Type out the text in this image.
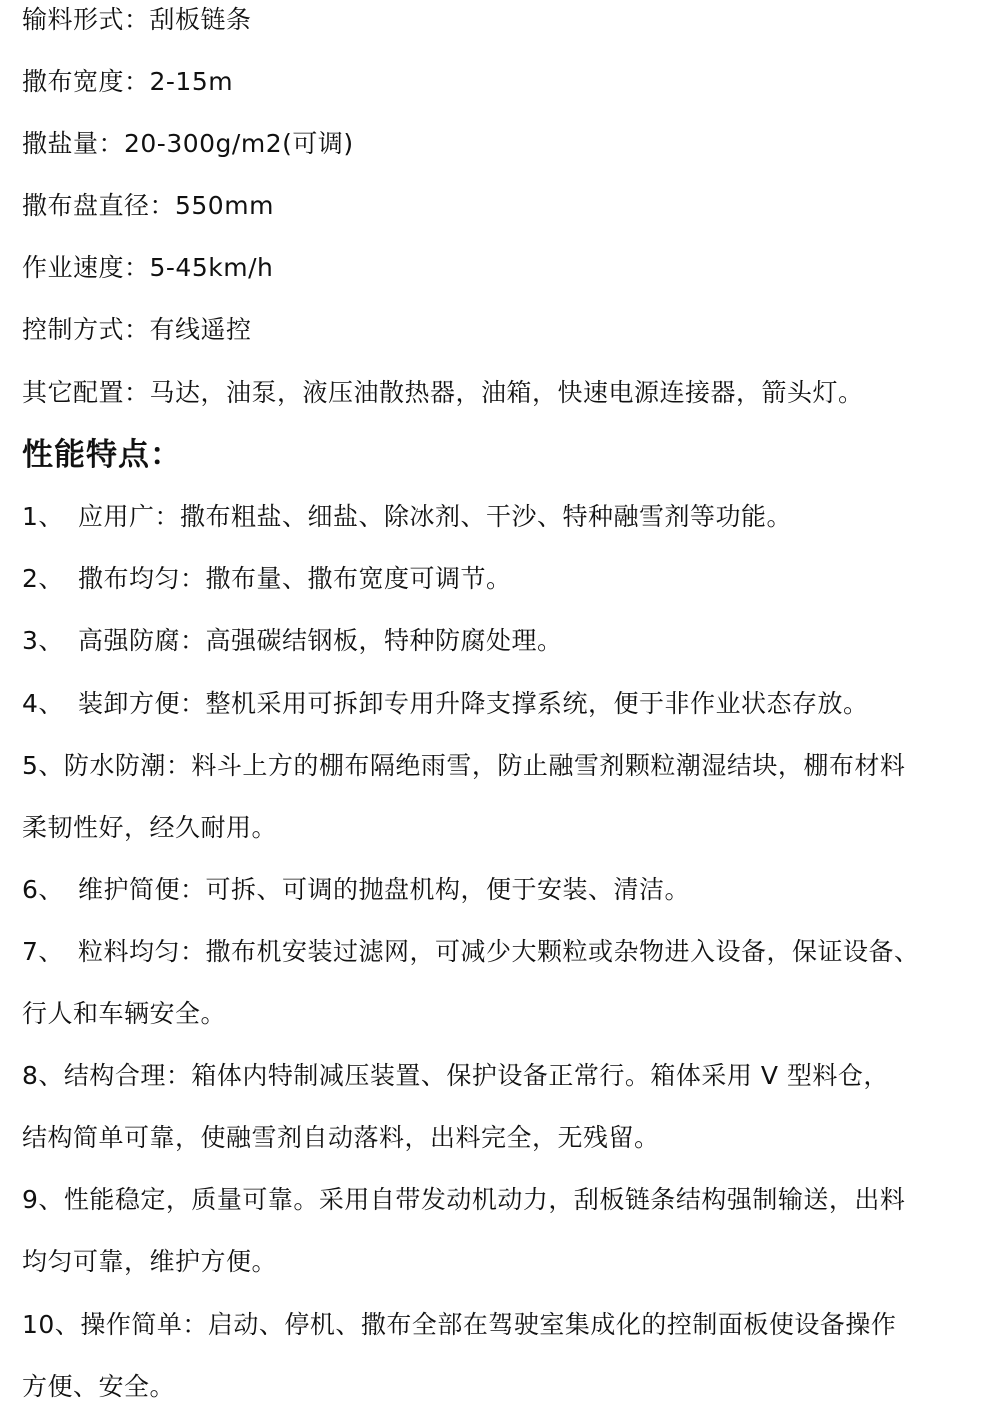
输料形式：刮板链条
撒布宽度：2-15m
撒盐量：20-300g/m2(可调)
撒布盘直径：550mm
作业速度：5-45km/h
控制方式：有线遥控
其它配置：马达，油泵，液压油散热器，油箱，快速电源连接器，箭头灯。
性能特点：
1、 应用广：撒布粗盐、细盐、除冰剂、干沙、特种融雪剂等功能。
2、 撒布均匀：撒布量、撒布宽度可调节。
3、 高强防腐：高强碳结钢板，特种防腐处理。
4、 装卸方便：整机采用可拆卸专用升降支撑系统，便于非作业状态存放。
5、防水防潮：料斗上方的棚布隔绝雨雪，防止融雪剂颗粒潮湿结块，棚布材料
柔韧性好，经久耐用。
6、 维护简便：可拆、可调的抛盘机构，便于安装、清洁。
7、 粒料均匀：撒布机安装过滤网，可减少大颗粒或杂物进入设备，保证设备、
行人和车辆安全。
8、结构合理：箱体内特制减压装置、保护设备正常行。箱体采用 V 型料仓，
结构简单可靠，使融雪剂自动落料，出料完全，无残留。
9、性能稳定，质量可靠。采用自带发动机动力，刮板链条结构强制输送，出料
均匀可靠，维护方便。
10、操作简单：启动、停机、撒布全部在驾驶室集成化的控制面板使设备操作
方便、安全。
